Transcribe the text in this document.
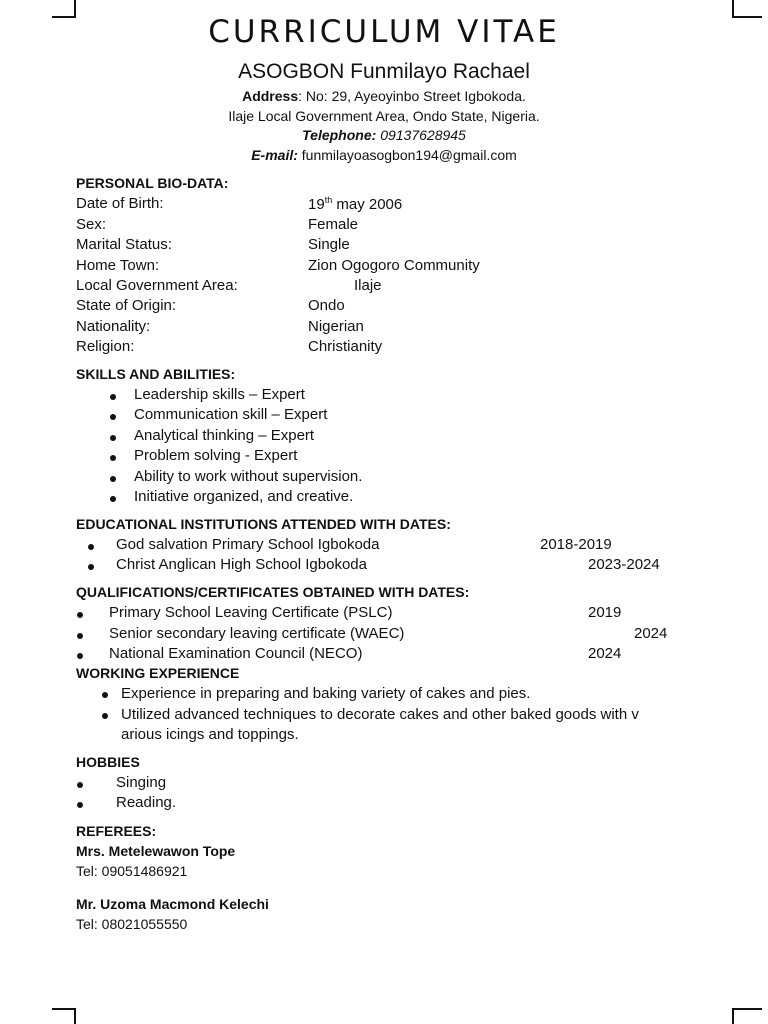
CURRICULUM VITAE
ASOGBON Funmilayo Rachael
Address: No: 29, Ayeoyinbo Street Igbokoda.
Ilaje Local Government Area, Ondo State, Nigeria.
Telephone: 09137628945
E-mail: funmilayoasogbon194@gmail.com
PERSONAL BIO-DATA:
Date of Birth:	19th may 2006
Sex:	Female
Marital Status:	Single
Home Town:	Zion Ogogoro Community
Local Government Area:	Ilaje
State of Origin:	Ondo
Nationality:	Nigerian
Religion:	Christianity
SKILLS AND ABILITIES:
Leadership skills – Expert
Communication skill – Expert
Analytical thinking – Expert
Problem solving - Expert
Ability to work without supervision.
Initiative organized, and creative.
EDUCATIONAL INSTITUTIONS ATTENDED WITH DATES:
God salvation Primary School Igbokoda	2018-2019
Christ Anglican High School Igbokoda	2023-2024
QUALIFICATIONS/CERTIFICATES OBTAINED WITH DATES:
Primary School Leaving Certificate (PSLC)	2019
Senior secondary leaving certificate (WAEC)	2024
National Examination Council (NECO)	2024
WORKING EXPERIENCE
Experience in preparing and baking variety of cakes and pies.
Utilized advanced techniques to decorate cakes and other baked goods with v
arious icings and toppings.
HOBBIES
Singing
Reading.
REFEREES:
Mrs. Metelewawon Tope
Tel: 09051486921
Mr. Uzoma Macmond Kelechi
Tel: 08021055550
